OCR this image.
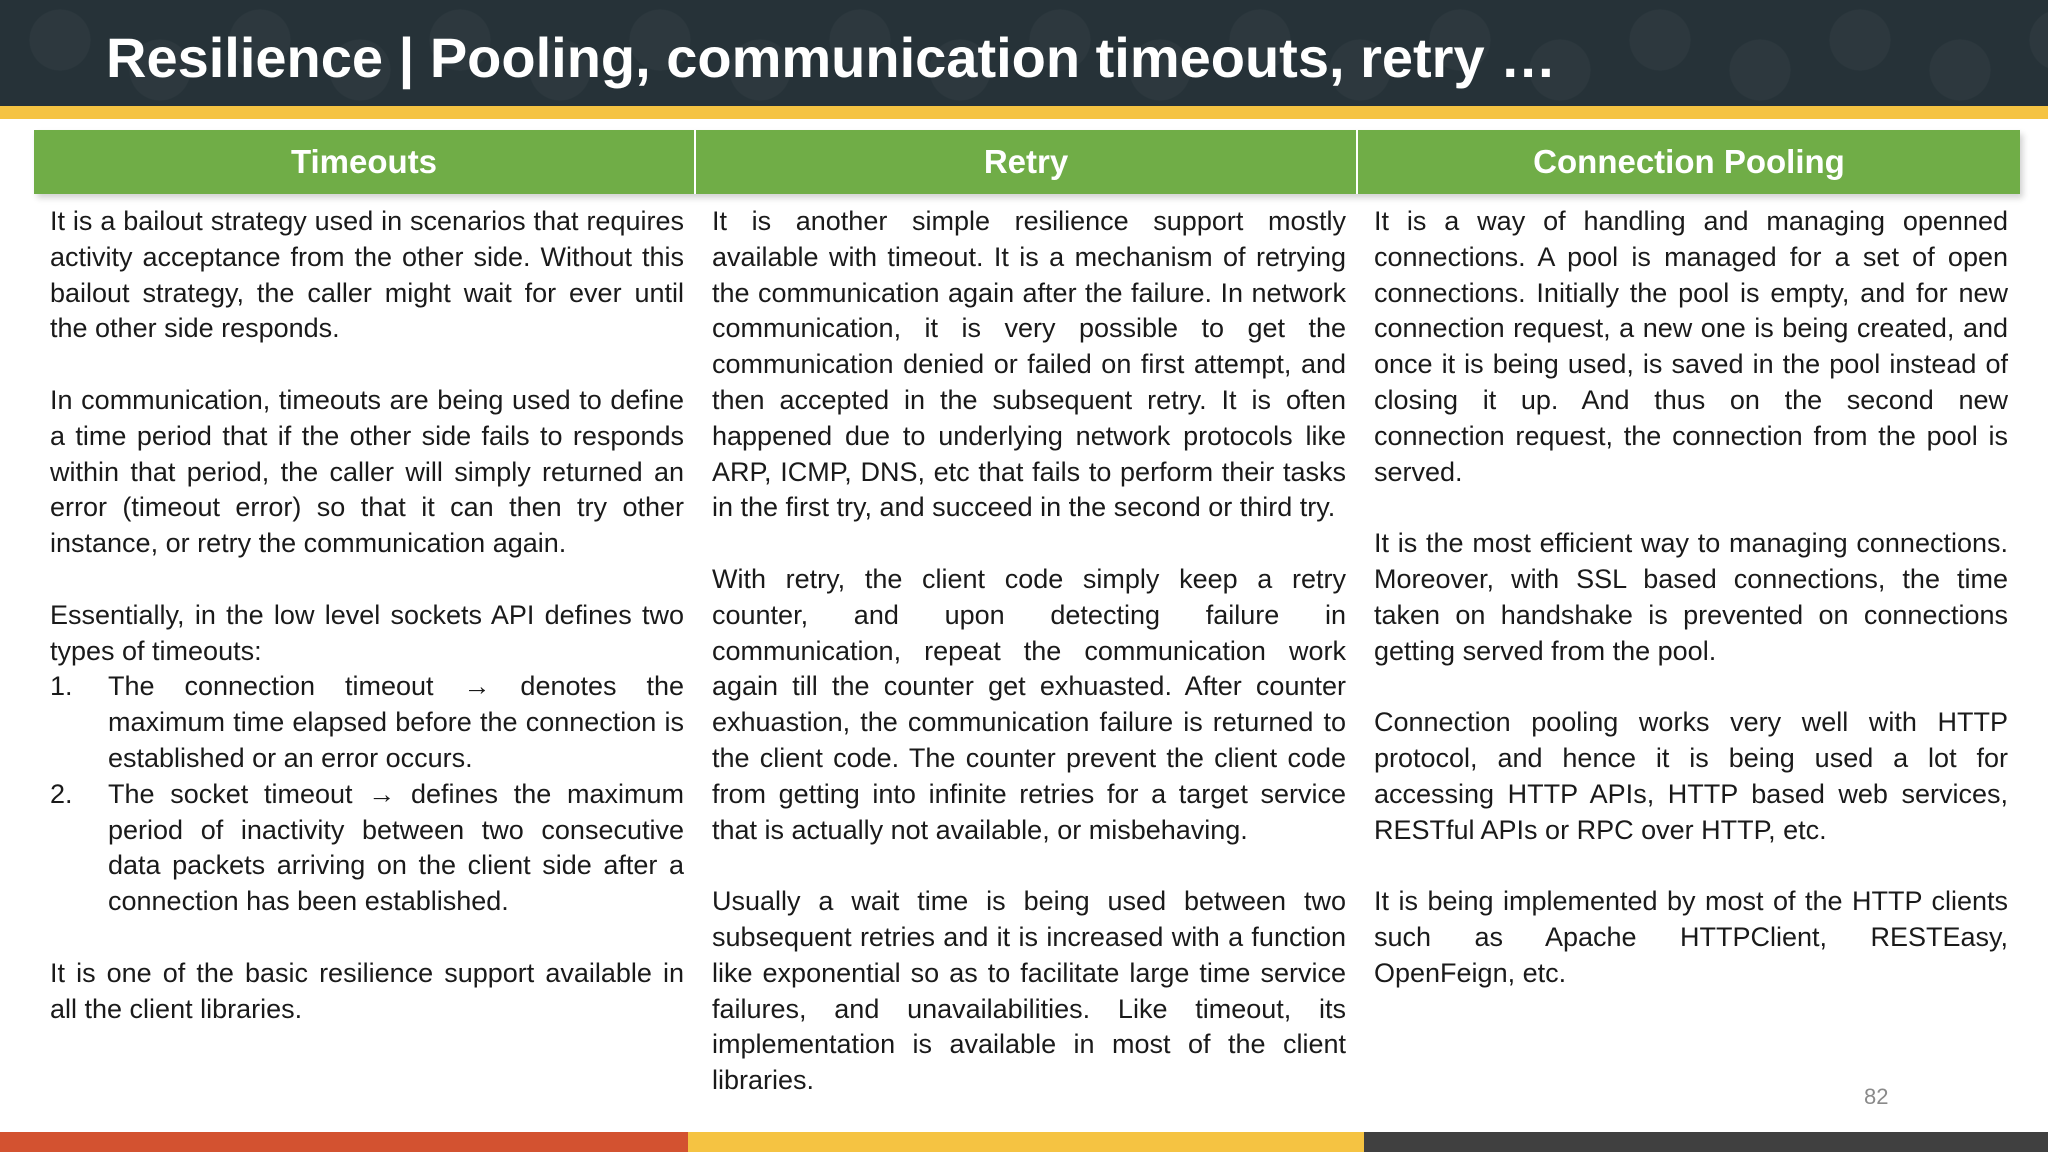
Resilience | Pooling, communication timeouts, retry …
Timeouts	Retry	Connection Pooling

It is a bailout strategy used in scenarios that requires activity acceptance from the other side. Without this bailout strategy, the caller might wait for ever until the other side responds.

In communication, timeouts are being used to define a time period that if the other side fails to responds within that period, the caller will simply returned an error (timeout error) so that it can then try other instance, or retry the communication again.

Essentially, in the low level sockets API defines two types of timeouts:

1. The connection timeout → denotes the maximum time elapsed before the connection is established or an error occurs.
2. The socket timeout → defines the maximum period of inactivity between two consecutive data packets arriving on the client side after a connection has been established.

It is one of the basic resilience support available in all the client libraries.

It is another simple resilience support mostly available with timeout. It is a mechanism of retrying the communication again after the failure. In network communication, it is very possible to get the communication denied or failed on first attempt, and then accepted in the subsequent retry. It is often happened due to underlying network protocols like ARP, ICMP, DNS, etc that fails to perform their tasks in the first try, and succeed in the second or third try.

With retry, the client code simply keep a retry counter, and upon detecting failure in communication, repeat the communication work again till the counter get exhuasted. After counter exhuastion, the communication failure is returned to the client code. The counter prevent the client code from getting into infinite retries for a target service that is actually not available, or misbehaving.

Usually a wait time is being used between two subsequent retries and it is increased with a function like exponential so as to facilitate large time service failures, and unavailabilities. Like timeout, its implementation is available in most of the client libraries.

It is a way of handling and managing openned connections. A pool is managed for a set of open connections. Initially the pool is empty, and for new connection request, a new one is being created, and once it is being used, is saved in the pool instead of closing it up. And thus on the second new connection request, the connection from the pool is served.

It is the most efficient way to managing connections. Moreover, with SSL based connections, the time taken on handshake is prevented on connections getting served from the pool.

Connection pooling works very well with HTTP protocol, and hence it is being used a lot for accessing HTTP APIs, HTTP based web services, RESTful APIs or RPC over HTTP, etc.

It is being implemented by most of the HTTP clients such as Apache HTTPClient, RESTEasy, OpenFeign, etc.

82
